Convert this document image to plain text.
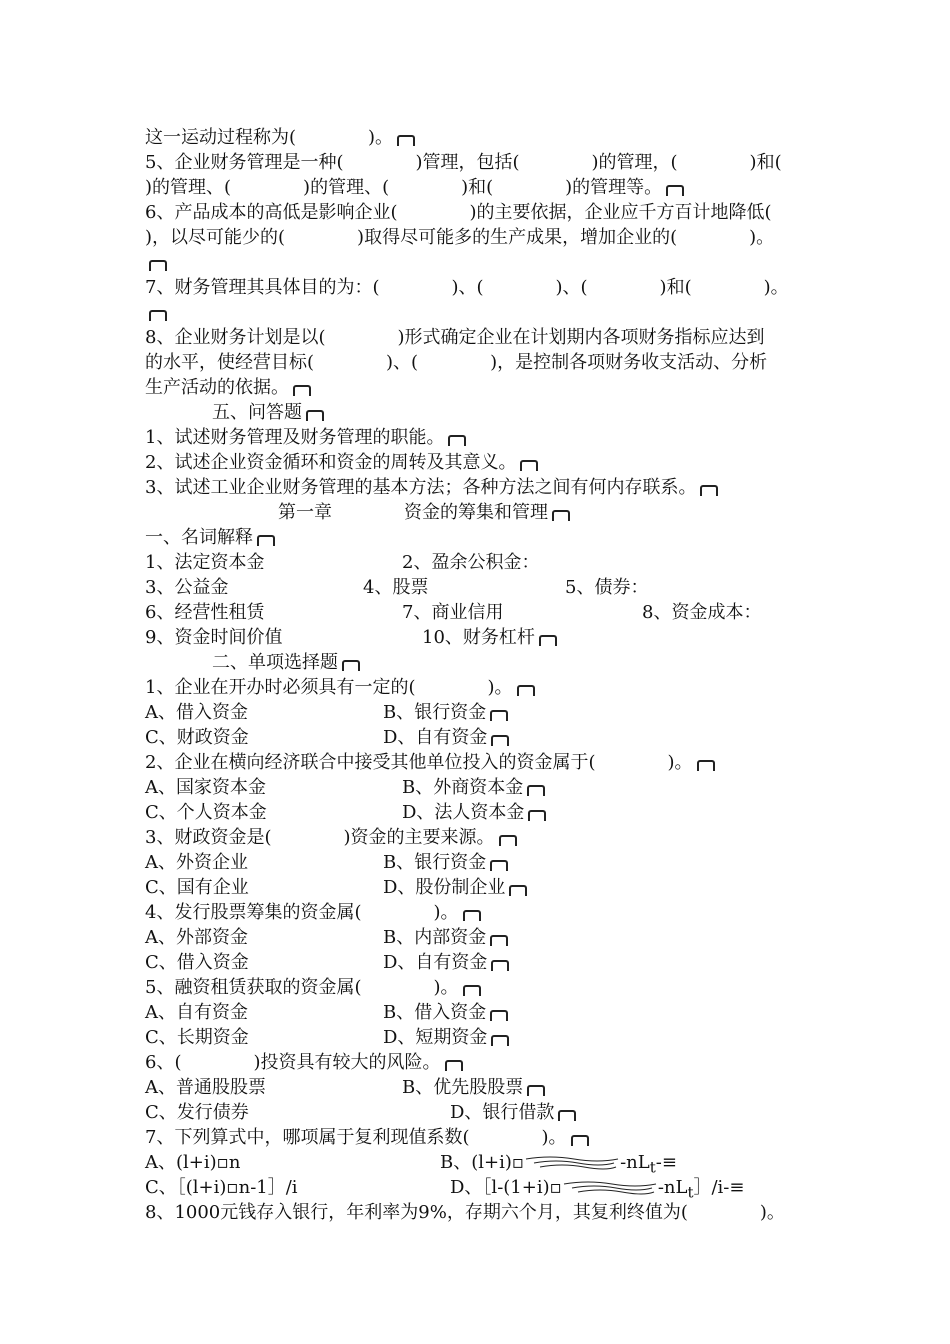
这一运动过程称为(　　　　)。
5、企业财务管理是一种(　　　　)管理，包括(　　　　)的管理，(　　　　)和(
)的管理、(　　　　)的管理、(　　　　)和(　　　　)的管理等。
6、产品成本的高低是影响企业(　　　　)的主要依据，企业应千方百计地降低(
)，以尽可能少的(　　　　)取得尽可能多的生产成果，增加企业的(　　　　)。
7、财务管理其具体目的为：(　　　　)、(　　　　)、(　　　　)和(　　　　)。
8、企业财务计划是以(　　　　)形式确定企业在计划期内各项财务指标应达到
的水平，使经营目标(　　　　)、(　　　　)，是控制各项财务收支活动、分析
生产活动的依据。
五、问答题
1、试述财务管理及财务管理的职能。
2、试述企业资金循环和资金的周转及其意义。
3、试述工业企业财务管理的基本方法；各种方法之间有何内存联系。
第一章　　　　资金的筹集和管理
一、名词解释
1、法定资本金	2、盈余公积金：
3、公益金	4、股票	5、债券：
6、经营性租赁	7、商业信用	8、资金成本：
9、资金时间价值	10、财务杠杆
二、单项选择题
1、企业在开办时必须具有一定的(　　　　)。
A、借入资金	B、银行资金
C、财政资金	D、自有资金
2、企业在横向经济联合中接受其他单位投入的资金属于(　　　　)。
A、国家资本金	B、外商资本金
C、个人资本金	D、法人资本金
3、财政资金是(　　　　)资金的主要来源。
A、外资企业	B、银行资金
C、国有企业	D、股份制企业
4、发行股票筹集的资金属(　　　　)。
A、外部资金	B、内部资金
C、借入资金	D、自有资金
5、融资租赁获取的资金属(　　　　)。
A、自有资金	B、借入资金
C、长期资金	D、短期资金
6、(　　　　)投资具有较大的风险。
A、普通股股票	B、优先股股票
C、发行债券	D、银行借款
7、下列算式中，哪项属于复利现值系数(　　　　)。
A、(l+i)▫n	B、(l+i)▫	$-nL_t-\equiv$
C、［(l+i)▫n-1］/i	D、［l-(1+i)▫	$-nL_t]/i-\equiv$
8、1000元钱存入银行，年利率为9%，存期六个月，其复利终值为(　　　　)。
